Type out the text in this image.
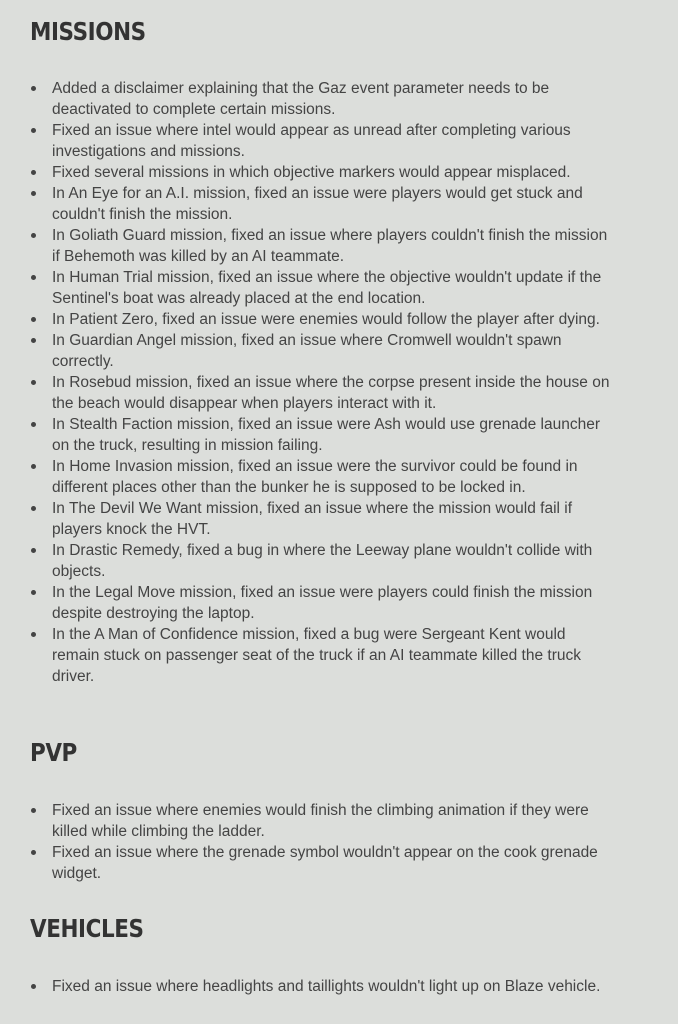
MISSIONS
Added a disclaimer explaining that the Gaz event parameter needs to be deactivated to complete certain missions.
Fixed an issue where intel would appear as unread after completing various investigations and missions.
Fixed several missions in which objective markers would appear misplaced.
In An Eye for an A.I. mission, fixed an issue were players would get stuck and couldn't finish the mission.
In Goliath Guard mission, fixed an issue where players couldn't finish the mission if Behemoth was killed by an AI teammate.
In Human Trial mission, fixed an issue where the objective wouldn't update if the Sentinel's boat was already placed at the end location.
In Patient Zero, fixed an issue were enemies would follow the player after dying.
In Guardian Angel mission, fixed an issue where Cromwell wouldn't spawn correctly.
In Rosebud mission, fixed an issue where the corpse present inside the house on the beach would disappear when players interact with it.
In Stealth Faction mission, fixed an issue were Ash would use grenade launcher on the truck, resulting in mission failing.
In Home Invasion mission, fixed an issue were the survivor could be found in different places other than the bunker he is supposed to be locked in.
In The Devil We Want mission, fixed an issue where the mission would fail if players knock the HVT.
In Drastic Remedy, fixed a bug in where the Leeway plane wouldn't collide with objects.
In the Legal Move mission, fixed an issue were players could finish the mission despite destroying the laptop.
In the A Man of Confidence mission, fixed a bug were Sergeant Kent would remain stuck on passenger seat of the truck if an AI teammate killed the truck driver.
PVP
Fixed an issue where enemies would finish the climbing animation if they were killed while climbing the ladder.
Fixed an issue where the grenade symbol wouldn't appear on the cook grenade widget.
VEHICLES
Fixed an issue where headlights and taillights wouldn't light up on Blaze vehicle.
